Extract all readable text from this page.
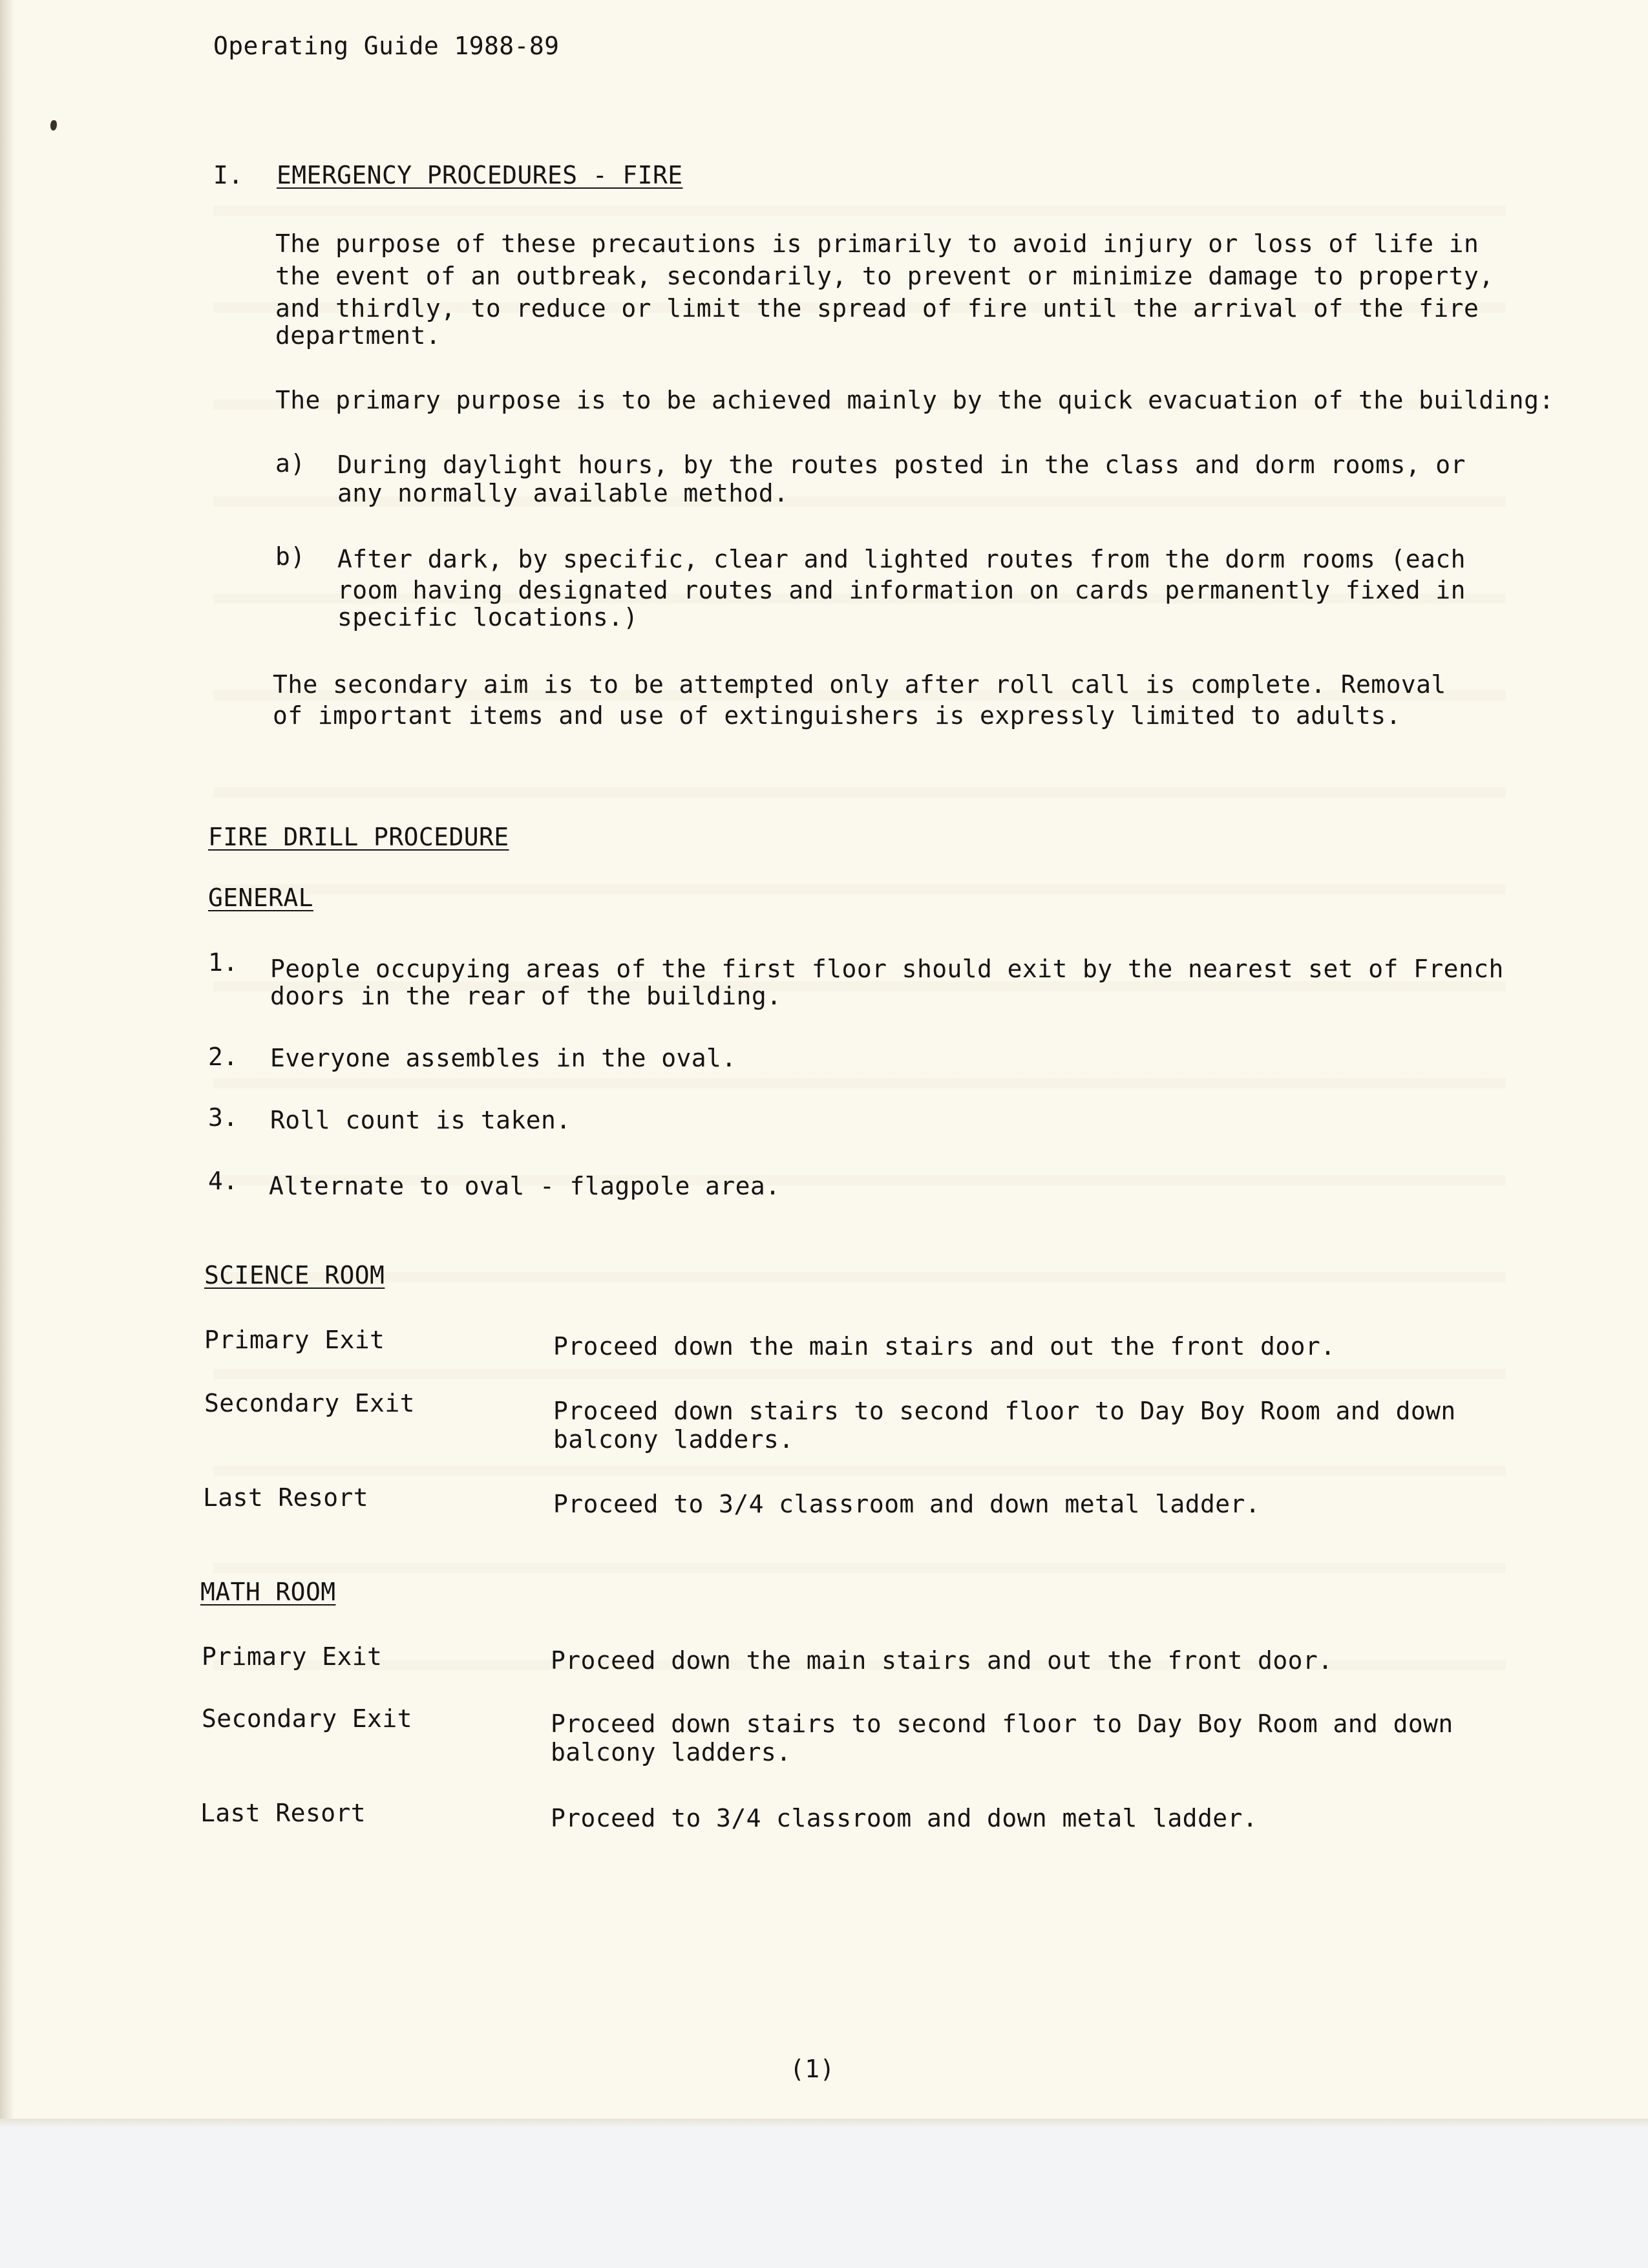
Operating Guide 1988-89
I. EMERGENCY PROCEDURES - FIRE
The purpose of these precautions is primarily to avoid injury or loss of life in
the event of an outbreak, secondarily, to prevent or minimize damage to property,
and thirdly, to reduce or limit the spread of fire until the arrival of the fire
department.
The primary purpose is to be achieved mainly by the quick evacuation of the building:
a) During daylight hours, by the routes posted in the class and dorm rooms, or
any normally available method.
b) After dark, by specific, clear and lighted routes from the dorm rooms (each
room having designated routes and information on cards permanently fixed in
specific locations.)
The secondary aim is to be attempted only after roll call is complete. Removal
of important items and use of extinguishers is expressly limited to adults.
FIRE DRILL PROCEDURE
GENERAL
1. People occupying areas of the first floor should exit by the nearest set of French
doors in the rear of the building.
2. Everyone assembles in the oval.
3. Roll count is taken.
4. Alternate to oval - flagpole area.
SCIENCE ROOM
Primary Exit	Proceed down the main stairs and out the front door.
Secondary Exit	Proceed down stairs to second floor to Day Boy Room and down
balcony ladders.
Last Resort	Proceed to 3/4 classroom and down metal ladder.
MATH ROOM
Primary Exit	Proceed down the main stairs and out the front door.
Secondary Exit	Proceed down stairs to second floor to Day Boy Room and down
balcony ladders.
Last Resort	Proceed to 3/4 classroom and down metal ladder.
(1)
